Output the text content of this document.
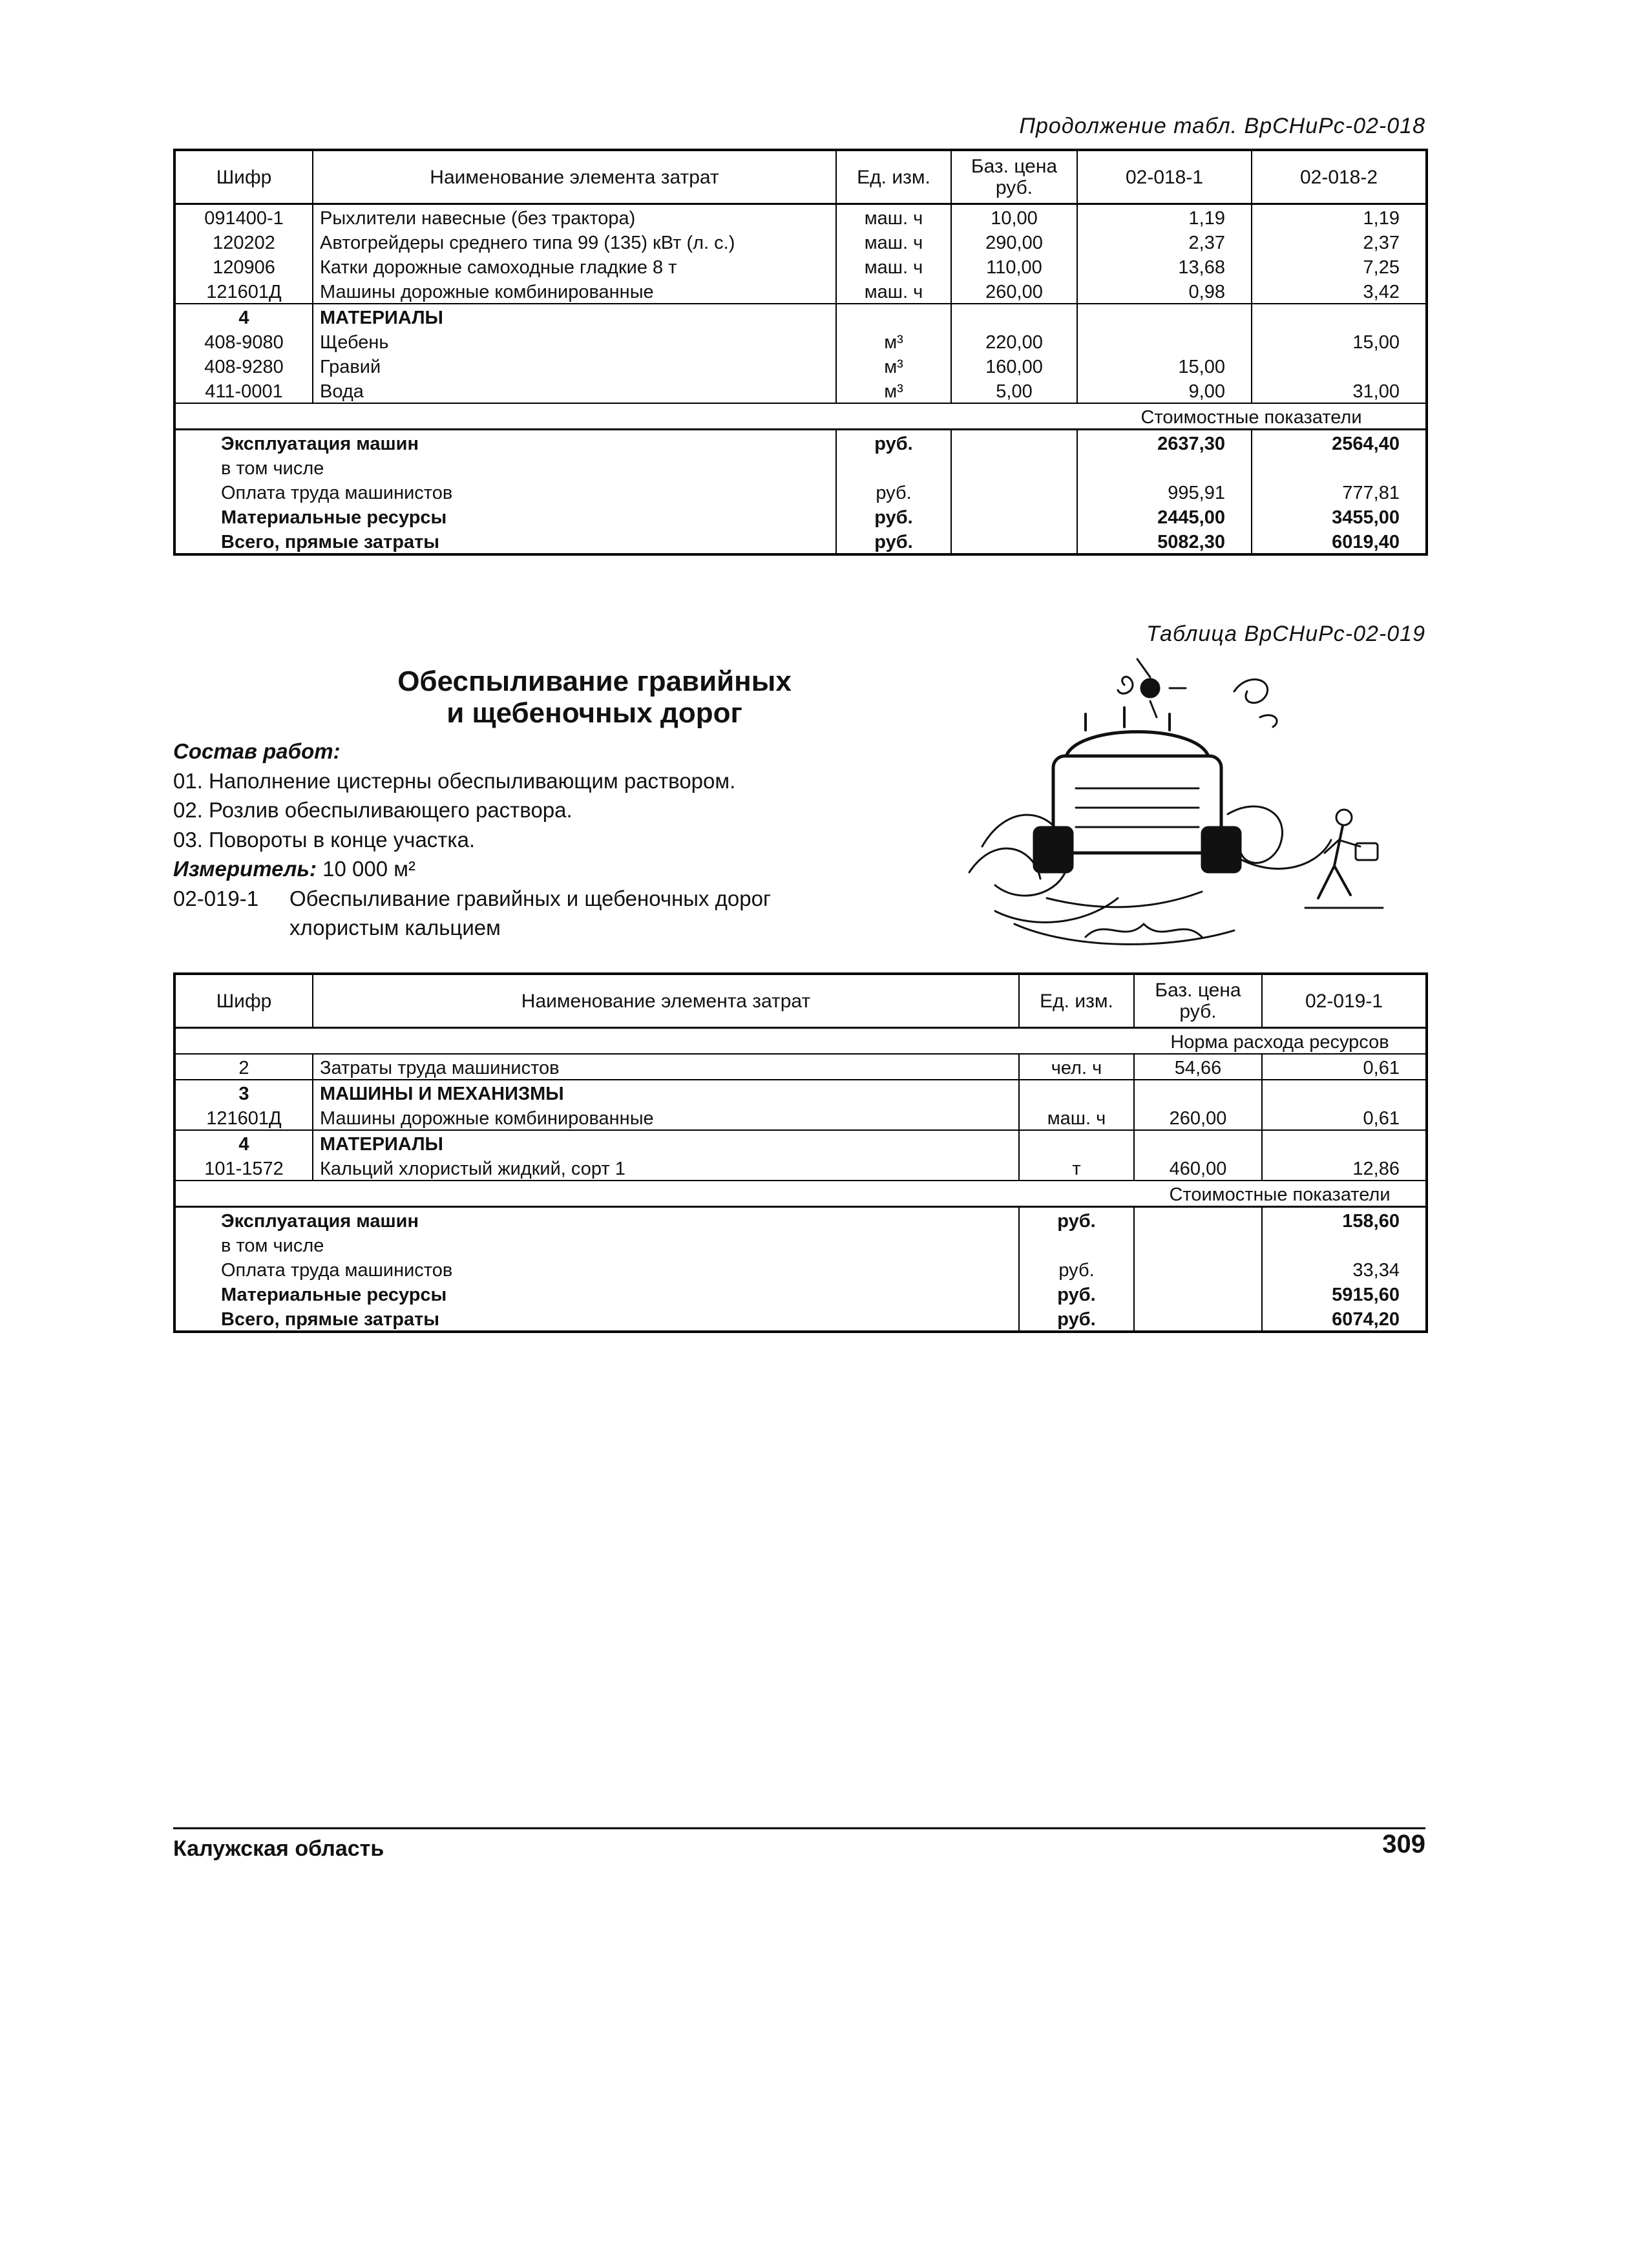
Продолжение табл. ВрСНиРс-02-018
Шифр	Наименование элемента затрат	Ед. изм.	Баз. цена руб.	02-018-1	02-018-2
091400-1	Рыхлители навесные (без трактора)	маш. ч	10,00	1,19	1,19
120202	Автогрейдеры среднего типа 99 (135) кВт (л. с.)	маш. ч	290,00	2,37	2,37
120906	Катки дорожные самоходные гладкие 8 т	маш. ч	110,00	13,68	7,25
121601Д	Машины дорожные комбинированные	маш. ч	260,00	0,98	3,42
4	МАТЕРИАЛЫ				
408-9080	Щебень	м³	220,00		15,00
408-9280	Гравий	м³	160,00	15,00	
411-0001	Вода	м³	5,00	9,00	31,00
				Стоимостные показатели	
Эксплуатация машин		руб.		2637,30	2564,40
в том числе					
Оплата труда машинистов		руб.		995,91	777,81
Материальные ресурсы		руб.		2445,00	3455,00
Всего, прямые затраты		руб.		5082,30	6019,40
Таблица ВрСНиРс-02-019
Обеспыливание гравийных
и щебеночных дорог
Состав работ:
01. Наполнение цистерны обеспыливающим раствором.
02. Розлив обеспыливающего раствора.
03. Повороты в конце участка.
Измеритель: 10 000 м²
02-019-1	Обеспыливание гравийных и щебеночных дорог
хлористым кальцием
Шифр	Наименование элемента затрат	Ед. изм.	Баз. цена руб.	02-019-1
			Норма расхода ресурсов	
2	Затраты труда машинистов	чел. ч	54,66	0,61
3	МАШИНЫ И МЕХАНИЗМЫ			
121601Д	Машины дорожные комбинированные	маш. ч	260,00	0,61
4	МАТЕРИАЛЫ			
101-1572	Кальций хлористый жидкий, сорт 1	т	460,00	12,86
			Стоимостные показатели	
Эксплуатация машин		руб.		158,60
в том числе				
Оплата труда машинистов		руб.		33,34
Материальные ресурсы		руб.		5915,60
Всего, прямые затраты		руб.		6074,20
Калужская область	309
